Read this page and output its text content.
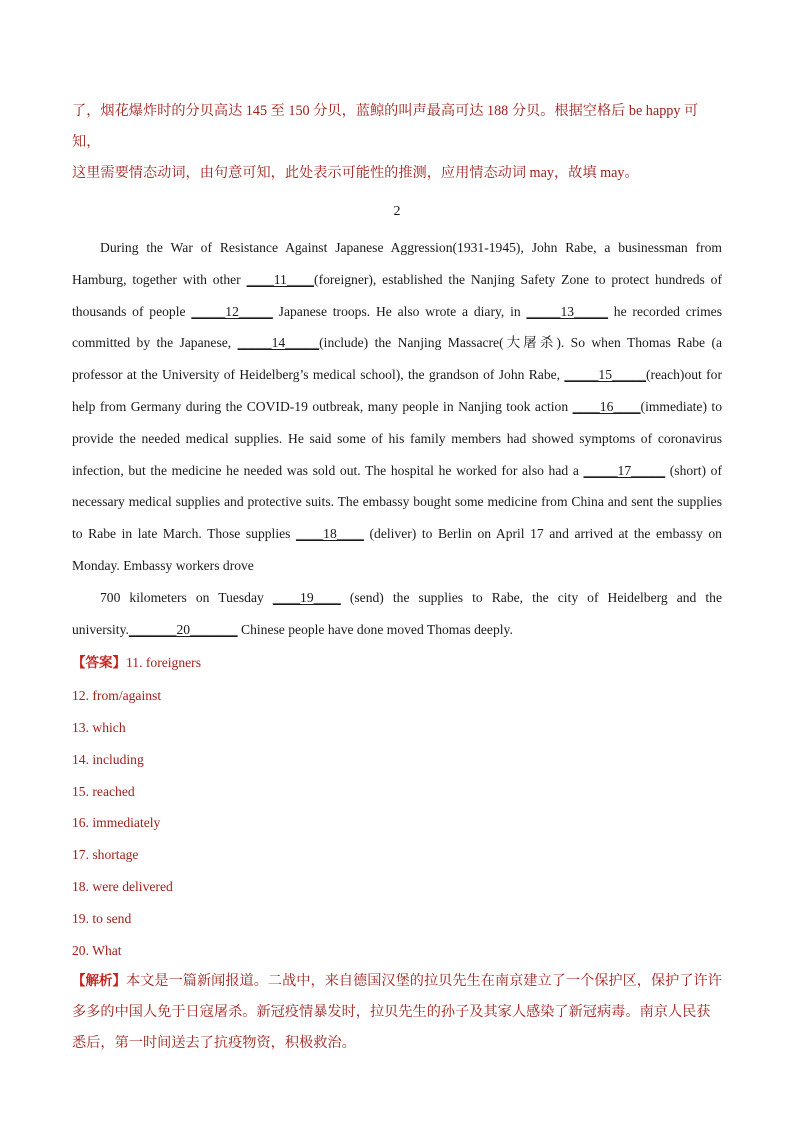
了，烟花爆炸时的分贝高达 145 至 150 分贝，蓝鲸的叫声最高可达 188 分贝。根据空格后 be happy 可知，

这里需要情态动词，由句意可知，此处表示可能性的推测，应用情态动词 may，故填 may。

2

During the War of Resistance Against Japanese Aggression(1931-1945), John Rabe, a businessman from Hamburg, together with other ____11____(foreigner), established the Nanjing Safety Zone to protect hundreds of thousands of people _____12_____ Japanese troops. He also wrote a diary, in _____13_____ he recorded crimes committed by the Japanese, _____14_____(include) the Nanjing Massacre(大屠杀). So when Thomas Rabe (a professor at the University of Heidelberg’s medical school), the grandson of John Rabe, _____15_____(reach)out for help from Germany during the COVID-19 outbreak, many people in Nanjing took action ____16____(immediate) to provide the needed medical supplies. He said some of his family members had showed symptoms of coronavirus infection, but the medicine he needed was sold out. The hospital he worked for also had a _____17_____ (short) of necessary medical supplies and protective suits. The embassy bought some medicine from China and sent the supplies to Rabe in late March. Those supplies ____18____ (deliver) to Berlin on April 17 and arrived at the embassy on Monday. Embassy workers drove

700 kilometers on Tuesday ____19____ (send) the supplies to Rabe, the city of Heidelberg and the university._______20_______ Chinese people have done moved Thomas deeply.

【答案】11. foreigners

12. from/against

13. which

14. including

15. reached

16. immediately

17. shortage

18. were delivered

19. to send

20. What

【解析】本文是一篇新闻报道。二战中，来自德国汉堡的拉贝先生在南京建立了一个保护区，保护了许许多多的中国人免于日寇屠杀。新冠疫情暴发时，拉贝先生的孙子及其家人感染了新冠病毒。南京人民获悉后，第一时间送去了抗疫物资，积极救治。
